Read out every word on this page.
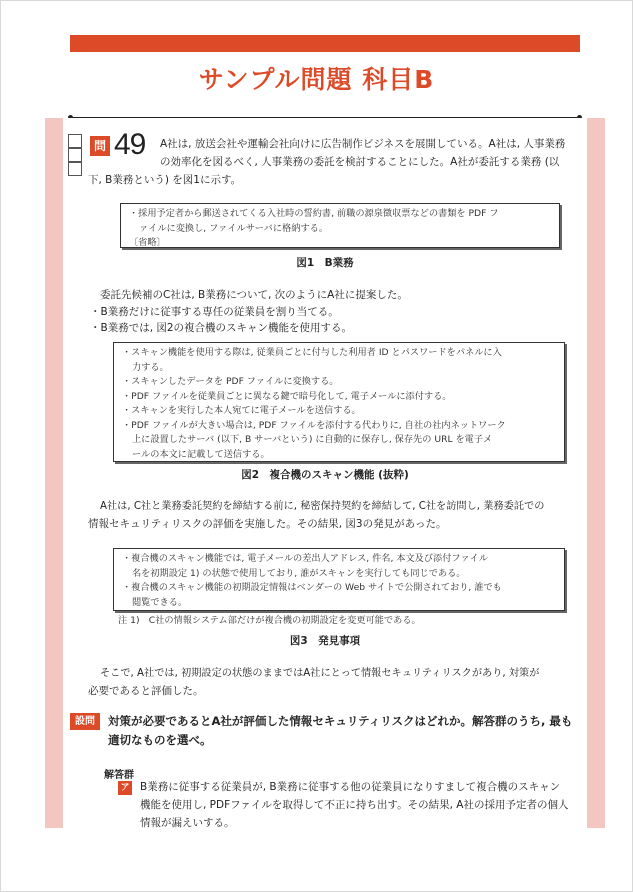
サンプル問題 科目B
問 49 A社は, 放送会社や運輸会社向けに広告制作ビジネスを展開している。A社は, 人事業務
の効率化を図るべく, 人事業務の委託を検討することにした。A社が委託する業務 (以
下, B業務という) を図1に示す。
・採用予定者から郵送されてくる入社時の誓約書, 前職の源泉徴収票などの書類を PDF フ
ァイルに変換し, ファイルサーバに格納する。
〔省略〕
図1　B業務
委託先候補のC社は, B業務について, 次のようにA社に提案した。
・B業務だけに従事する専任の従業員を割り当てる。
・B業務では, 図2の複合機のスキャン機能を使用する。
・スキャン機能を使用する際は, 従業員ごとに付与した利用者 ID とパスワードをパネルに入
力する。
・スキャンしたデータを PDF ファイルに変換する。
・PDF ファイルを従業員ごとに異なる鍵で暗号化して, 電子メールに添付する。
・スキャンを実行した本人宛てに電子メールを送信する。
・PDF ファイルが大きい場合は, PDF ファイルを添付する代わりに, 自社の社内ネットワーク
上に設置したサーバ (以下, B サーバという) に自動的に保存し, 保存先の URL を電子メ
ールの本文に記載して送信する。
図2　複合機のスキャン機能 (抜粋)
A社は, C社と業務委託契約を締結する前に, 秘密保持契約を締結して, C社を訪問し, 業務委託での
情報セキュリティリスクの評価を実施した。その結果, 図3の発見があった。
・複合機のスキャン機能では, 電子メールの差出人アドレス, 件名, 本文及び添付ファイル
名を初期設定 1) の状態で使用しており, 誰がスキャンを実行しても同じである。
・複合機のスキャン機能の初期設定情報はベンダーの Web サイトで公開されており, 誰でも
閲覧できる。
注 1)　C社の情報システム部だけが複合機の初期設定を変更可能である。
図3　発見事項
そこで, A社では, 初期設定の状態のままではA社にとって情報セキュリティリスクがあり, 対策が
必要であると評価した。
設問	対策が必要であるとA社が評価した情報セキュリティリスクはどれか。解答群のうち, 最も
適切なものを選べ。
解答群
ア B業務に従事する従業員が, B業務に従事する他の従業員になりすまして複合機のスキャン
機能を使用し, PDFファイルを取得して不正に持ち出す。その結果, A社の採用予定者の個人
情報が漏えいする。
